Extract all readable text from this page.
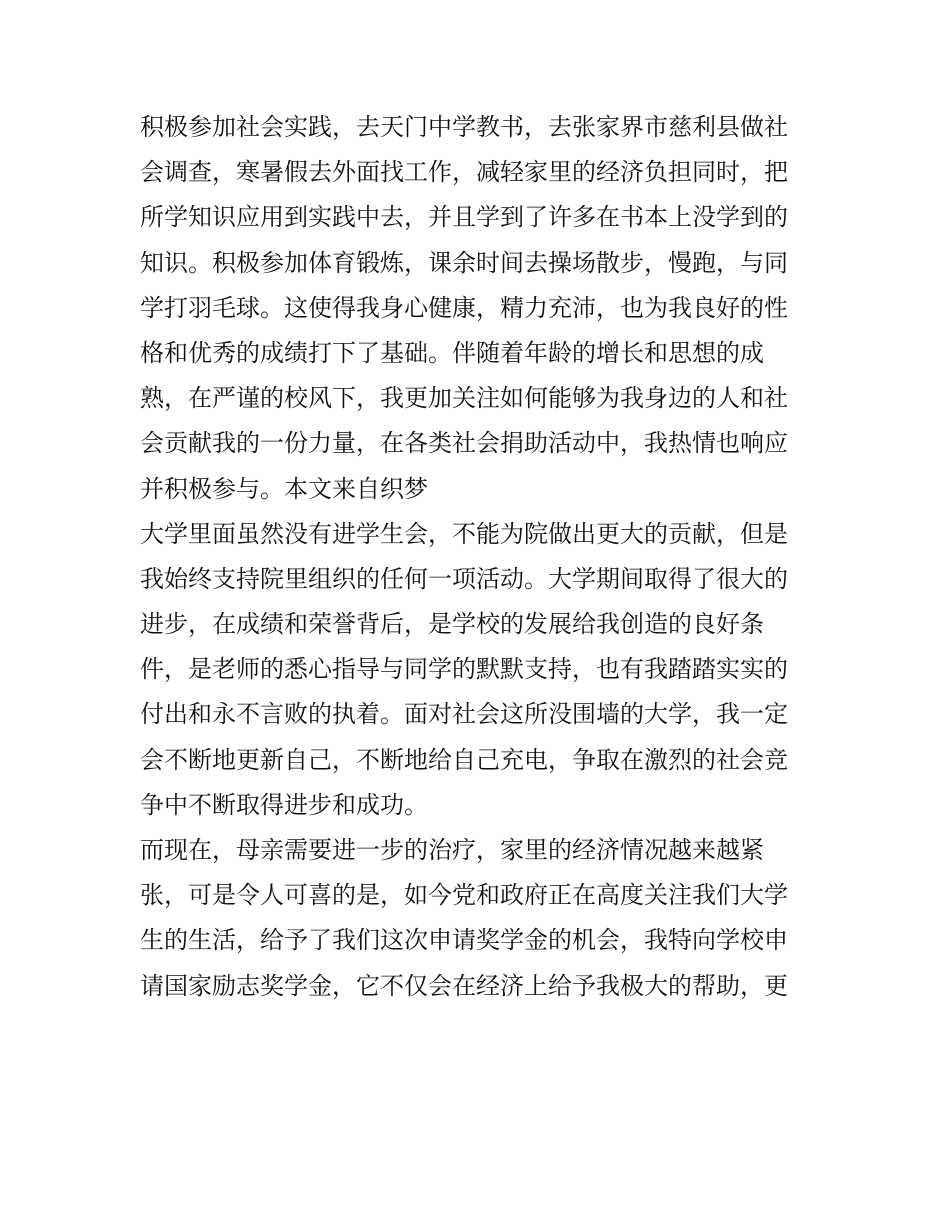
积极参加社会实践，去天门中学教书，去张家界市慈利县做社
会调查，寒暑假去外面找工作，减轻家里的经济负担同时，把
所学知识应用到实践中去，并且学到了许多在书本上没学到的
知识。积极参加体育锻炼，课余时间去操场散步，慢跑，与同
学打羽毛球。这使得我身心健康，精力充沛，也为我良好的性
格和优秀的成绩打下了基础。伴随着年龄的增长和思想的成
熟，在严谨的校风下，我更加关注如何能够为我身边的人和社
会贡献我的一份力量，在各类社会捐助活动中，我热情也响应
并积极参与。本文来自织梦
大学里面虽然没有进学生会，不能为院做出更大的贡献，但是
我始终支持院里组织的任何一项活动。大学期间取得了很大的
进步，在成绩和荣誉背后，是学校的发展给我创造的良好条
件，是老师的悉心指导与同学的默默支持，也有我踏踏实实的
付出和永不言败的执着。面对社会这所没围墙的大学，我一定
会不断地更新自己，不断地给自己充电，争取在激烈的社会竞
争中不断取得进步和成功。
而现在，母亲需要进一步的治疗，家里的经济情况越来越紧
张，可是令人可喜的是，如今党和政府正在高度关注我们大学
生的生活，给予了我们这次申请奖学金的机会，我特向学校申
请国家励志奖学金，它不仅会在经济上给予我极大的帮助，更
